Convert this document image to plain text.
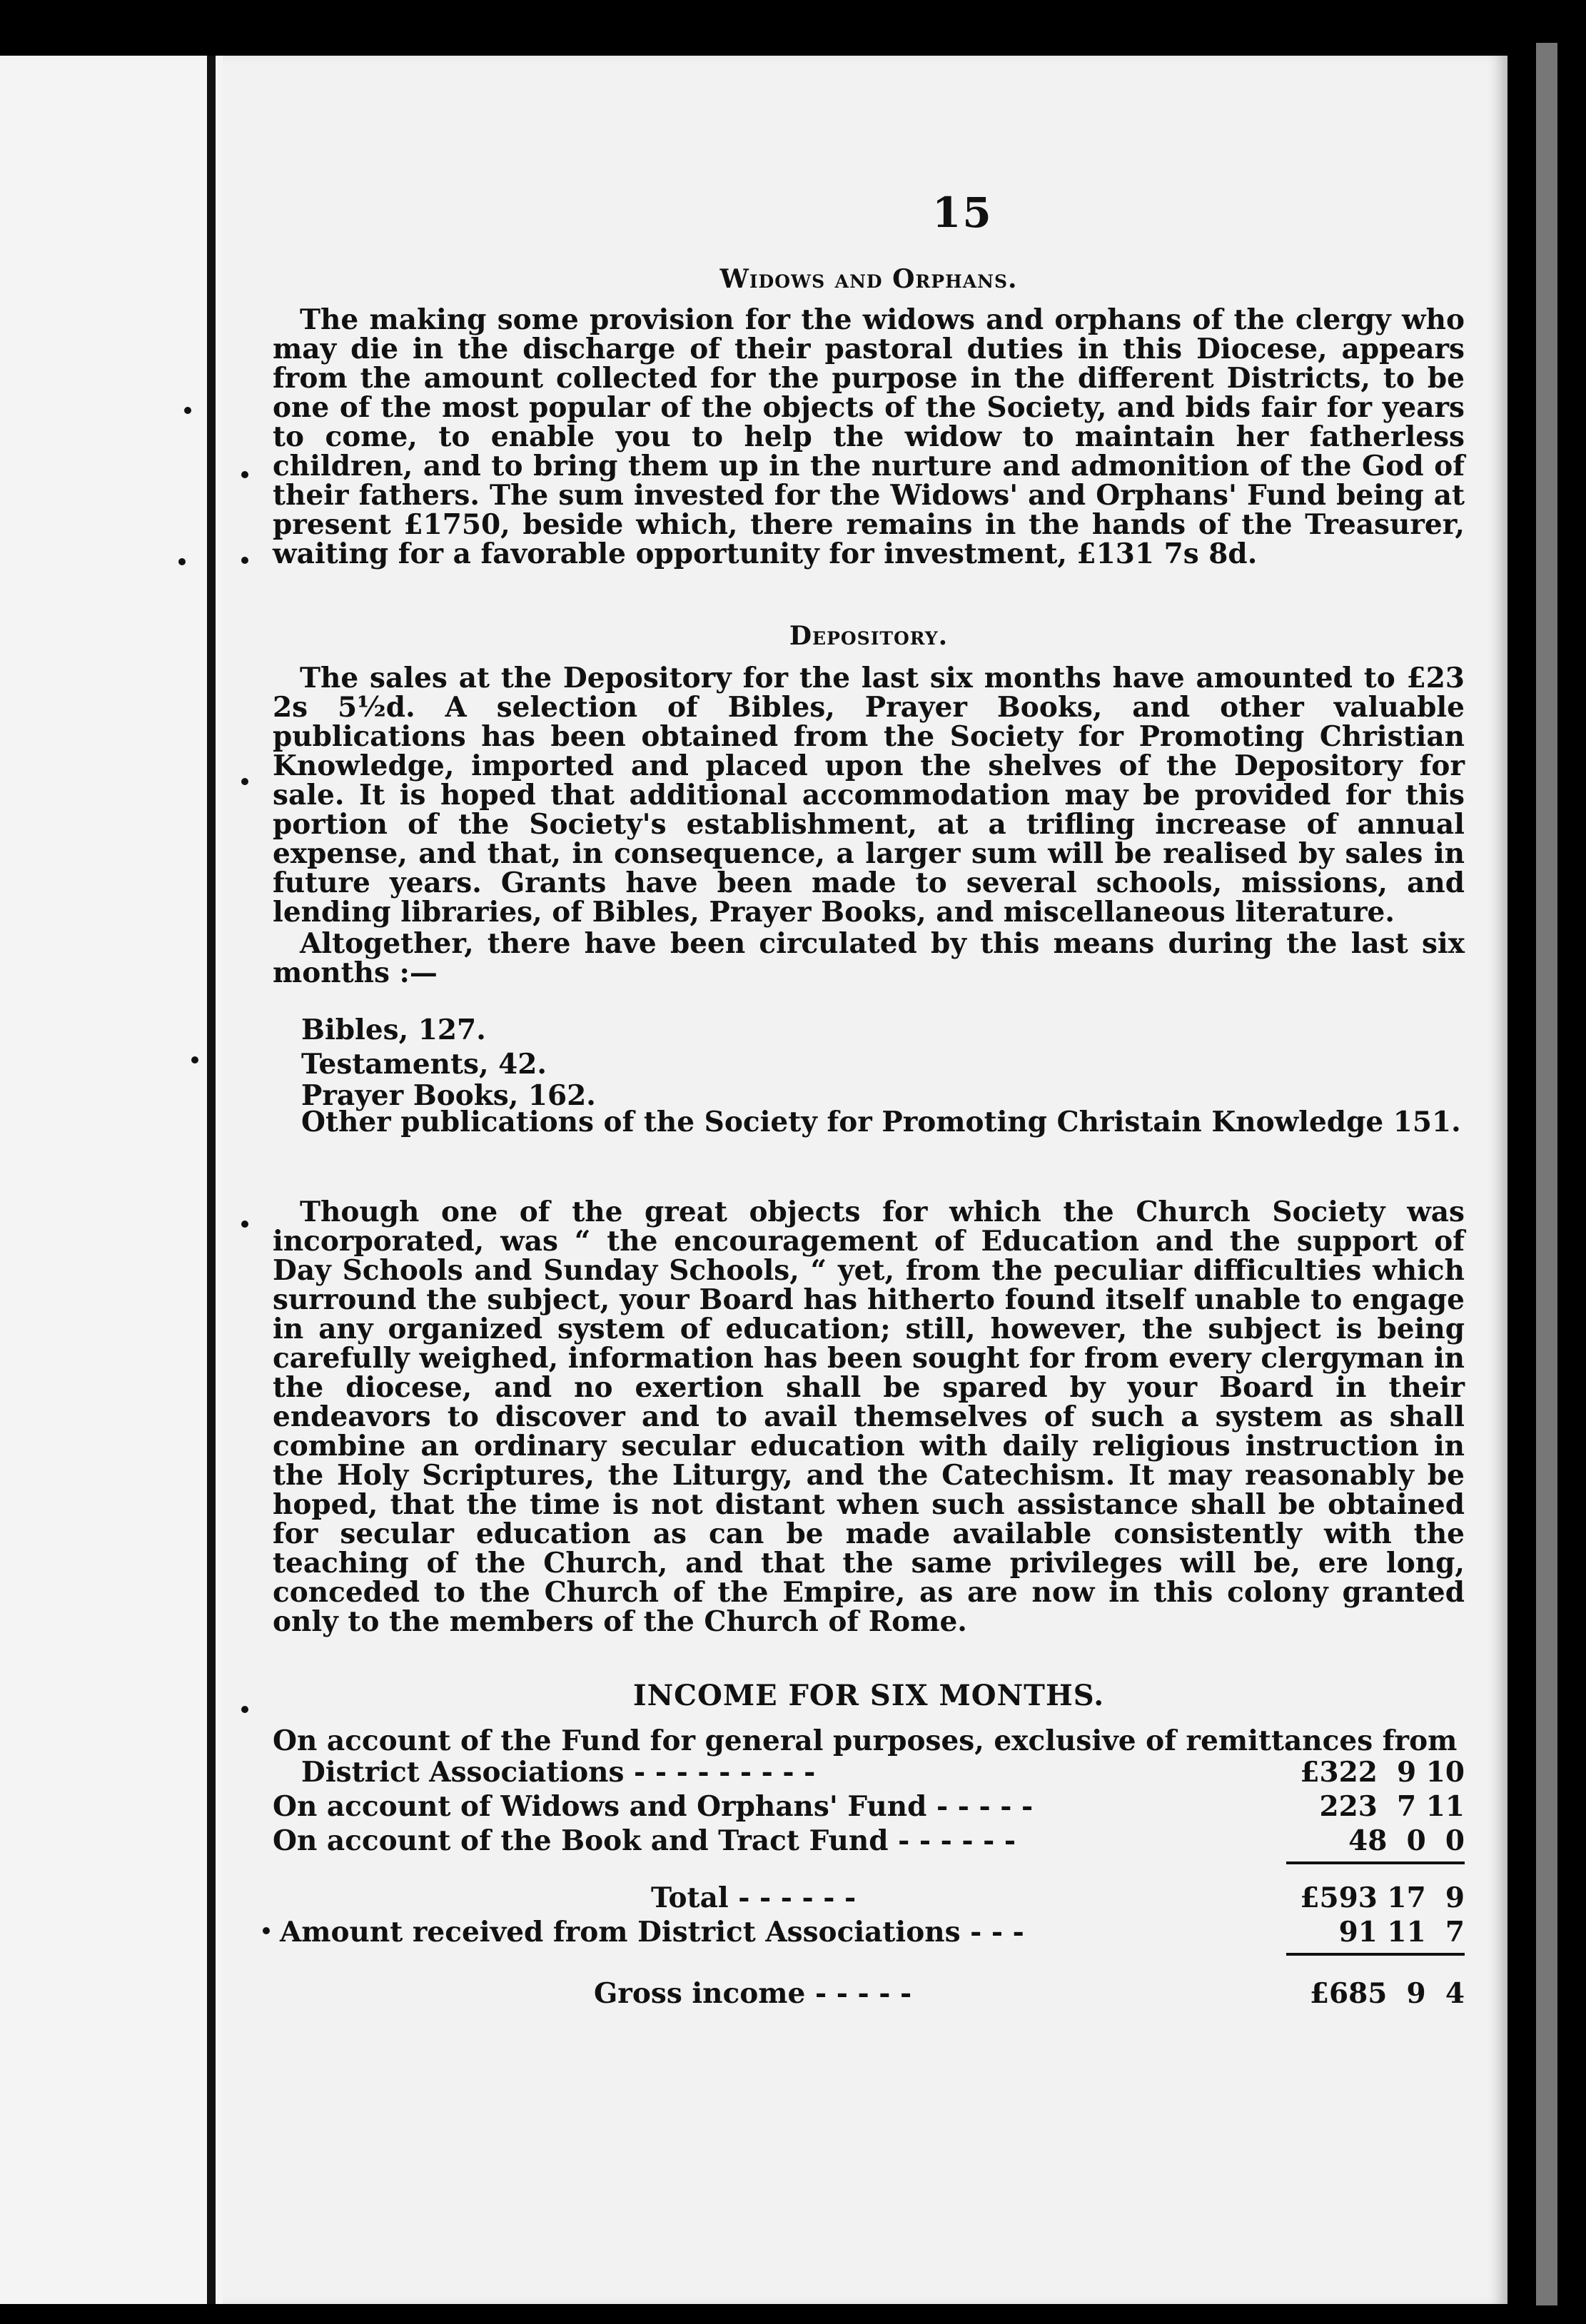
15
Widows and Orphans.
The making some provision for the widows and orphans of the clergy who may die in the discharge of their pastoral duties in this Diocese, appears from the amount collected for the purpose in the different Districts, to be one of the most popular of the objects of the Society, and bids fair for years to come, to enable you to help the widow to maintain her fatherless children, and to bring them up in the nurture and admonition of the God of their fathers. The sum invested for the Widows' and Orphans' Fund being at present £1750, beside which, there remains in the hands of the Treasurer, waiting for a favorable opportunity for investment, £131 7s 8d.
Depository.
The sales at the Depository for the last six months have amounted to £23 2s 5½d. A selection of Bibles, Prayer Books, and other valuable publications has been obtained from the Society for Promoting Christian Knowledge, imported and placed upon the shelves of the Depository for sale. It is hoped that additional accommodation may be provided for this portion of the Society's establishment, at a trifling increase of annual expense, and that, in consequence, a larger sum will be realised by sales in future years. Grants have been made to several schools, missions, and lending libraries, of Bibles, Prayer Books, and miscellaneous literature.
Altogether, there have been circulated by this means during the last six months :—
Bibles, 127.
Testaments, 42.
Prayer Books, 162.
Other publications of the Society for Promoting Christain Knowledge 151.
Though one of the great objects for which the Church Society was incorporated, was “ the encouragement of Education and the support of Day Schools and Sunday Schools, “ yet, from the peculiar difficulties which surround the subject, your Board has hitherto found itself unable to engage in any organized system of education; still, however, the subject is being carefully weighed, information has been sought for from every clergyman in the diocese, and no exertion shall be spared by your Board in their endeavors to discover and to avail themselves of such a system as shall combine an ordinary secular education with daily religious instruction in the Holy Scriptures, the Liturgy, and the Catechism. It may reasonably be hoped, that the time is not distant when such assistance shall be obtained for secular education as can be made available consistently with the teaching of the Church, and that the same privileges will be, ere long, conceded to the Church of the Empire, as are now in this colony granted only to the members of the Church of Rome.
INCOME FOR SIX MONTHS.
On account of the Fund for general purposes, exclusive of remittances from
District Associations - - - - - - - - -	£322  9 10
On account of Widows and Orphans' Fund - - - - -	223  7 11
On account of the Book and Tract Fund - - - - - -	48  0  0
Total - - - - - -	£593 17  9
Amount received from District Associations - - -	91 11  7
Gross income - - - - -	£685  9  4
